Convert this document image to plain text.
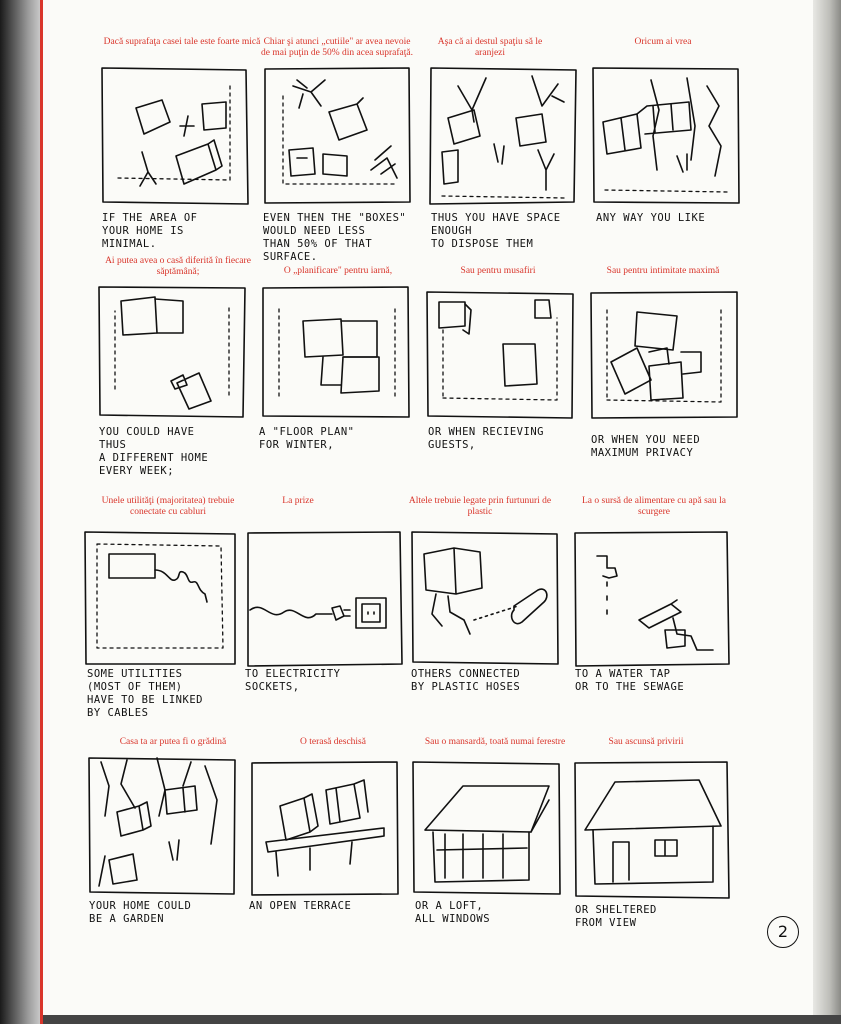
Dacă suprafaţa casei tale este foarte mică Chiar şi atunci „cutiile" ar avea nevoie de mai puţin de 50% din acea suprafaţă.
Aşa că ai destul spaţiu să le aranjezi
Oricum ai vrea
IF THE AREA OF
YOUR HOME IS
MINIMAL.
EVEN THEN THE "BOXES"
WOULD NEED LESS
THAN 50% OF THAT
SURFACE.
THUS YOU HAVE SPACE
ENOUGH
TO DISPOSE THEM
ANY WAY YOU LIKE
Ai putea avea o casă diferită în fiecare săptămână;	O „planificare" pentru iarnă,	Sau pentru musafiri	Sau pentru intimitate maximă
YOU COULD HAVE
THUS
A DIFFERENT HOME
EVERY WEEK;
A "FLOOR PLAN"
FOR WINTER,
OR WHEN RECIEVING
GUESTS,	OR WHEN YOU NEED
MAXIMUM PRIVACY
Unele utilităţi (majoritatea) trebuie conectate cu cabluri
La prize	Altele trebuie legate prin furtunuri de plastic
La o sursă de alimentare cu apă sau la scurgere
SOME UTILITIES
(MOST OF THEM)
HAVE TO BE LINKED
BY CABLES
TO ELECTRICITY
SOCKETS,
OTHERS CONNECTED
BY PLASTIC HOSES
TO A WATER TAP
OR TO THE SEWAGE
Casa ta ar putea fi o grădină	O terasă deschisă	Sau o mansardă, toată numai ferestre	Sau ascunsă privirii
YOUR HOME COULD
BE A GARDEN
AN OPEN TERRACE	OR A LOFT,
ALL WINDOWS
OR SHELTERED
FROM VIEW	2
